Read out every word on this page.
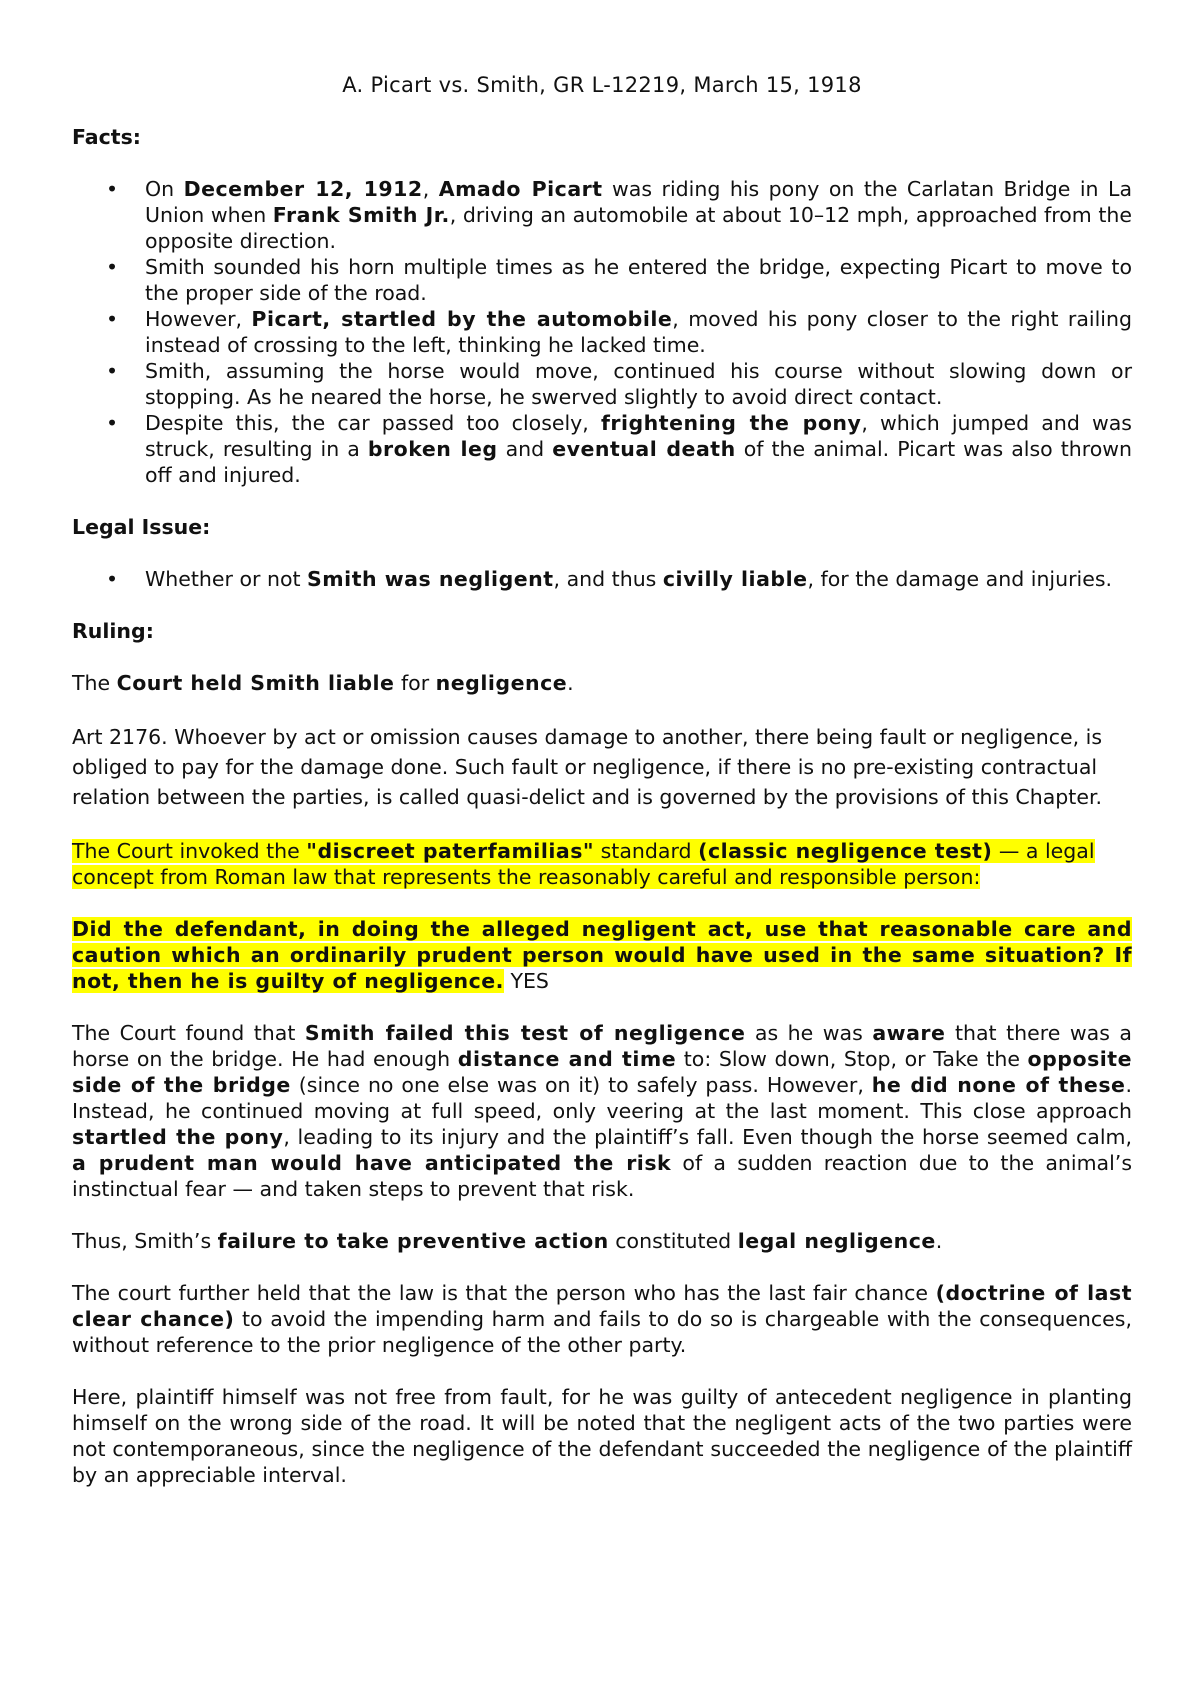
A. Picart vs. Smith, GR L-12219, March 15, 1918
Facts:
• On December 12, 1912, Amado Picart was riding his pony on the Carlatan Bridge in La Union when Frank Smith Jr., driving an automobile at about 10–12 mph, approached from the opposite direction.
• Smith sounded his horn multiple times as he entered the bridge, expecting Picart to move to the proper side of the road.
• However, Picart, startled by the automobile, moved his pony closer to the right railing instead of crossing to the left, thinking he lacked time.
• Smith, assuming the horse would move, continued his course without slowing down or stopping. As he neared the horse, he swerved slightly to avoid direct contact.
• Despite this, the car passed too closely, frightening the pony, which jumped and was struck, resulting in a broken leg and eventual death of the animal. Picart was also thrown off and injured.
Legal Issue:
• Whether or not Smith was negligent, and thus civilly liable, for the damage and injuries.
Ruling:

The Court held Smith liable for negligence.

Art 2176. Whoever by act or omission causes damage to another, there being fault or negligence, is obliged to pay for the damage done. Such fault or negligence, if there is no pre-existing contractual relation between the parties, is called quasi-delict and is governed by the provisions of this Chapter.

The Court invoked the "discreet paterfamilias" standard (classic negligence test) — a legal concept from Roman law that represents the reasonably careful and responsible person:

Did the defendant, in doing the alleged negligent act, use that reasonable care and caution which an ordinarily prudent person would have used in the same situation? If not, then he is guilty of negligence. YES

The Court found that Smith failed this test of negligence as he was aware that there was a horse on the bridge. He had enough distance and time to: Slow down, Stop, or Take the opposite side of the bridge (since no one else was on it) to safely pass. However, he did none of these. Instead, he continued moving at full speed, only veering at the last moment. This close approach startled the pony, leading to its injury and the plaintiff’s fall. Even though the horse seemed calm, a prudent man would have anticipated the risk of a sudden reaction due to the animal’s instinctual fear — and taken steps to prevent that risk.

Thus, Smith’s failure to take preventive action constituted legal negligence.

The court further held that the law is that the person who has the last fair chance (doctrine of last clear chance) to avoid the impending harm and fails to do so is chargeable with the consequences, without reference to the prior negligence of the other party.

Here, plaintiff himself was not free from fault, for he was guilty of antecedent negligence in planting himself on the wrong side of the road. It will be noted that the negligent acts of the two parties were not contemporaneous, since the negligence of the defendant succeeded the negligence of the plaintiff by an appreciable interval.
